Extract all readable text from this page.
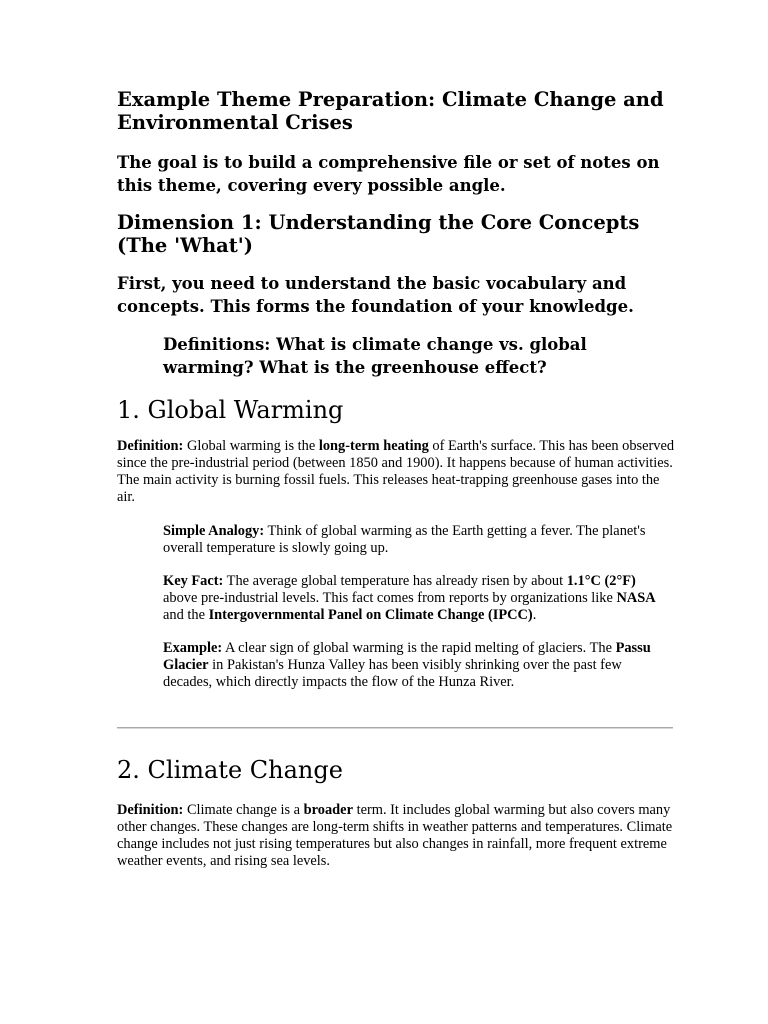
Example Theme Preparation: Climate Change and Environmental Crises
The goal is to build a comprehensive file or set of notes on this theme, covering every possible angle.
Dimension 1: Understanding the Core Concepts (The 'What')
First, you need to understand the basic vocabulary and concepts. This forms the foundation of your knowledge.
Definitions: What is climate change vs. global warming? What is the greenhouse effect?
1. Global Warming

Definition: Global warming is the long-term heating of Earth's surface. This has been observed since the pre-industrial period (between 1850 and 1900). It happens because of human activities. The main activity is burning fossil fuels. This releases heat-trapping greenhouse gases into the air.

Simple Analogy: Think of global warming as the Earth getting a fever. The planet's overall temperature is slowly going up.

Key Fact: The average global temperature has already risen by about 1.1°C (2°F) above pre-industrial levels. This fact comes from reports by organizations like NASA and the Intergovernmental Panel on Climate Change (IPCC).

Example: A clear sign of global warming is the rapid melting of glaciers. The Passu Glacier in Pakistan's Hunza Valley has been visibly shrinking over the past few decades, which directly impacts the flow of the Hunza River.

2. Climate Change

Definition: Climate change is a broader term. It includes global warming but also covers many other changes. These changes are long-term shifts in weather patterns and temperatures. Climate change includes not just rising temperatures but also changes in rainfall, more frequent extreme weather events, and rising sea levels.
